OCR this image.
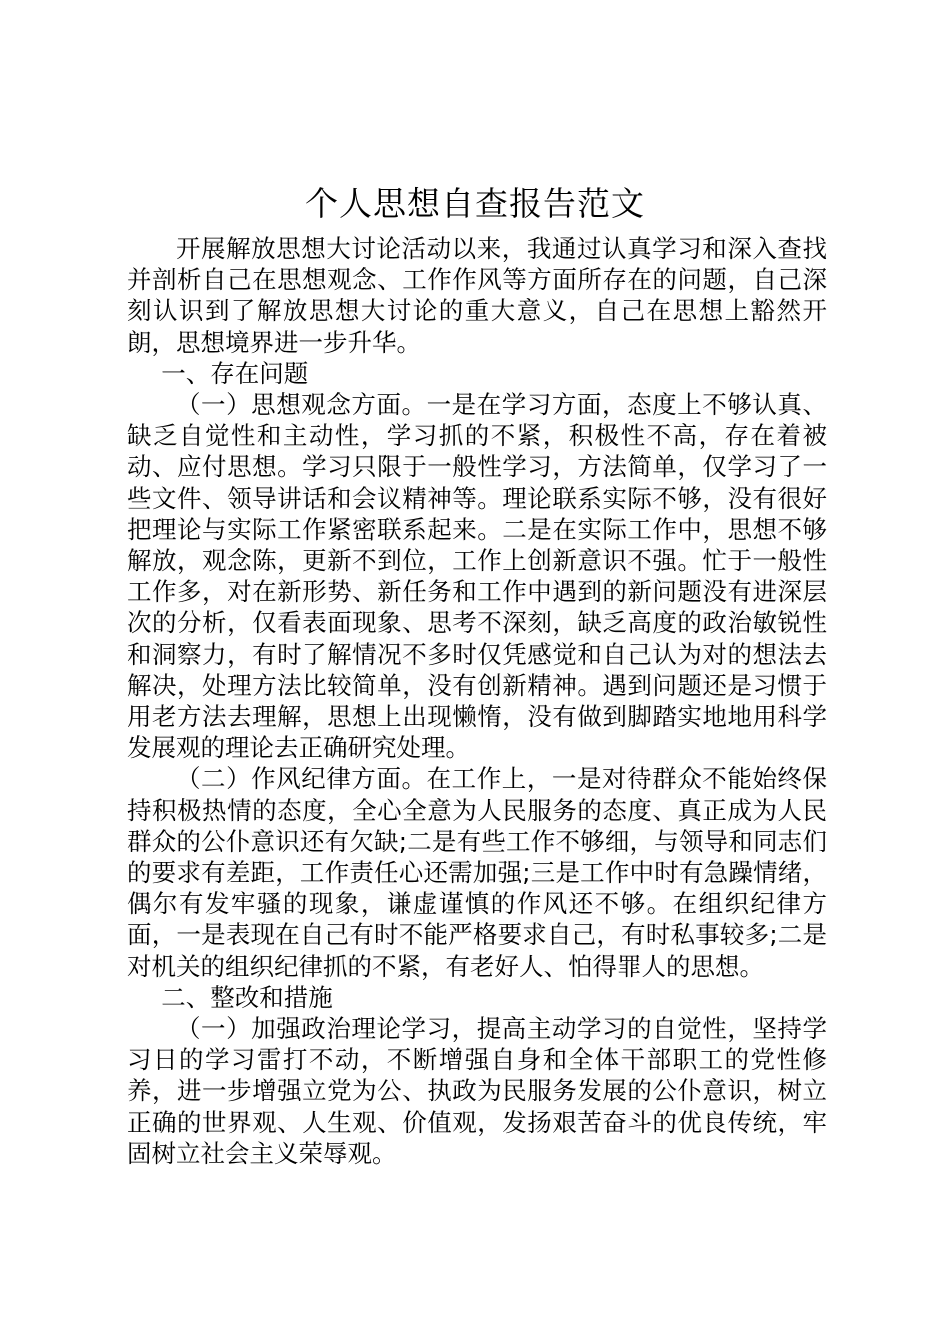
个人思想自查报告范文

开展解放思想大讨论活动以来，我通过认真学习和深入查找并剖析自己在思想观念、工作作风等方面所存在的问题，自己深刻认识到了解放思想大讨论的重大意义，自己在思想上豁然开朗，思想境界进一步升华。

一、存在问题

（一）思想观念方面。一是在学习方面，态度上不够认真、缺乏自觉性和主动性，学习抓的不紧，积极性不高，存在着被动、应付思想。学习只限于一般性学习，方法简单，仅学习了一些文件、领导讲话和会议精神等。理论联系实际不够，没有很好把理论与实际工作紧密联系起来。二是在实际工作中，思想不够解放，观念陈，更新不到位，工作上创新意识不强。忙于一般性工作多，对在新形势、新任务和工作中遇到的新问题没有进深层次的分析，仅看表面现象、思考不深刻，缺乏高度的政治敏锐性和洞察力，有时了解情况不多时仅凭感觉和自己认为对的想法去解决，处理方法比较简单，没有创新精神。遇到问题还是习惯于用老方法去理解，思想上出现懒惰，没有做到脚踏实地地用科学发展观的理论去正确研究处理。

（二）作风纪律方面。在工作上，一是对待群众不能始终保持积极热情的态度，全心全意为人民服务的态度、真正成为人民群众的公仆意识还有欠缺;二是有些工作不够细，与领导和同志们的要求有差距，工作责任心还需加强;三是工作中时有急躁情绪，偶尔有发牢骚的现象，谦虚谨慎的作风还不够。在组织纪律方面，一是表现在自己有时不能严格要求自己，有时私事较多;二是对机关的组织纪律抓的不紧，有老好人、怕得罪人的思想。

二、整改和措施

（一）加强政治理论学习，提高主动学习的自觉性，坚持学习日的学习雷打不动，不断增强自身和全体干部职工的党性修养，进一步增强立党为公、执政为民服务发展的公仆意识，树立正确的世界观、人生观、价值观，发扬艰苦奋斗的优良传统，牢固树立社会主义荣辱观。
